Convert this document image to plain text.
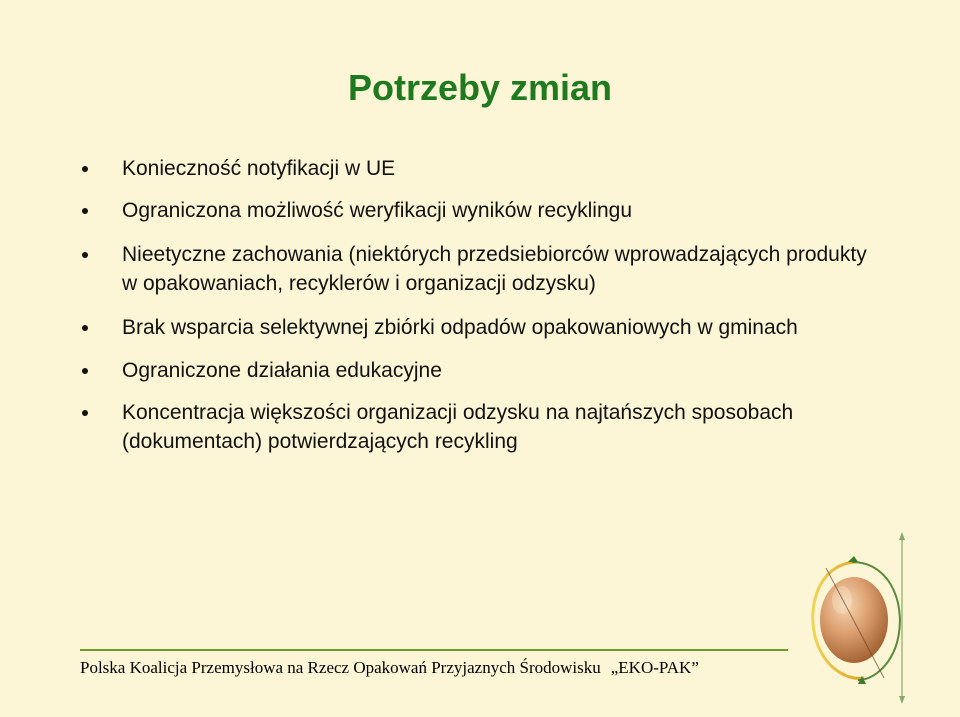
Potrzeby zmian
Konieczność notyfikacji w UE
Ograniczona możliwość weryfikacji wyników recyklingu
Nieetyczne zachowania (niektórych przedsiebiorców wprowadzających produkty w opakowaniach, recyklerów i organizacji odzysku)
Brak wsparcia selektywnej zbiórki odpadów opakowaniowych w gminach
Ograniczone działania edukacyjne
Koncentracja większości organizacji odzysku na najtańszych sposobach (dokumentach) potwierdzających recykling
Polska Koalicja Przemysłowa na Rzecz Opakowań Przyjaznych Środowisku „EKO-PAK”
